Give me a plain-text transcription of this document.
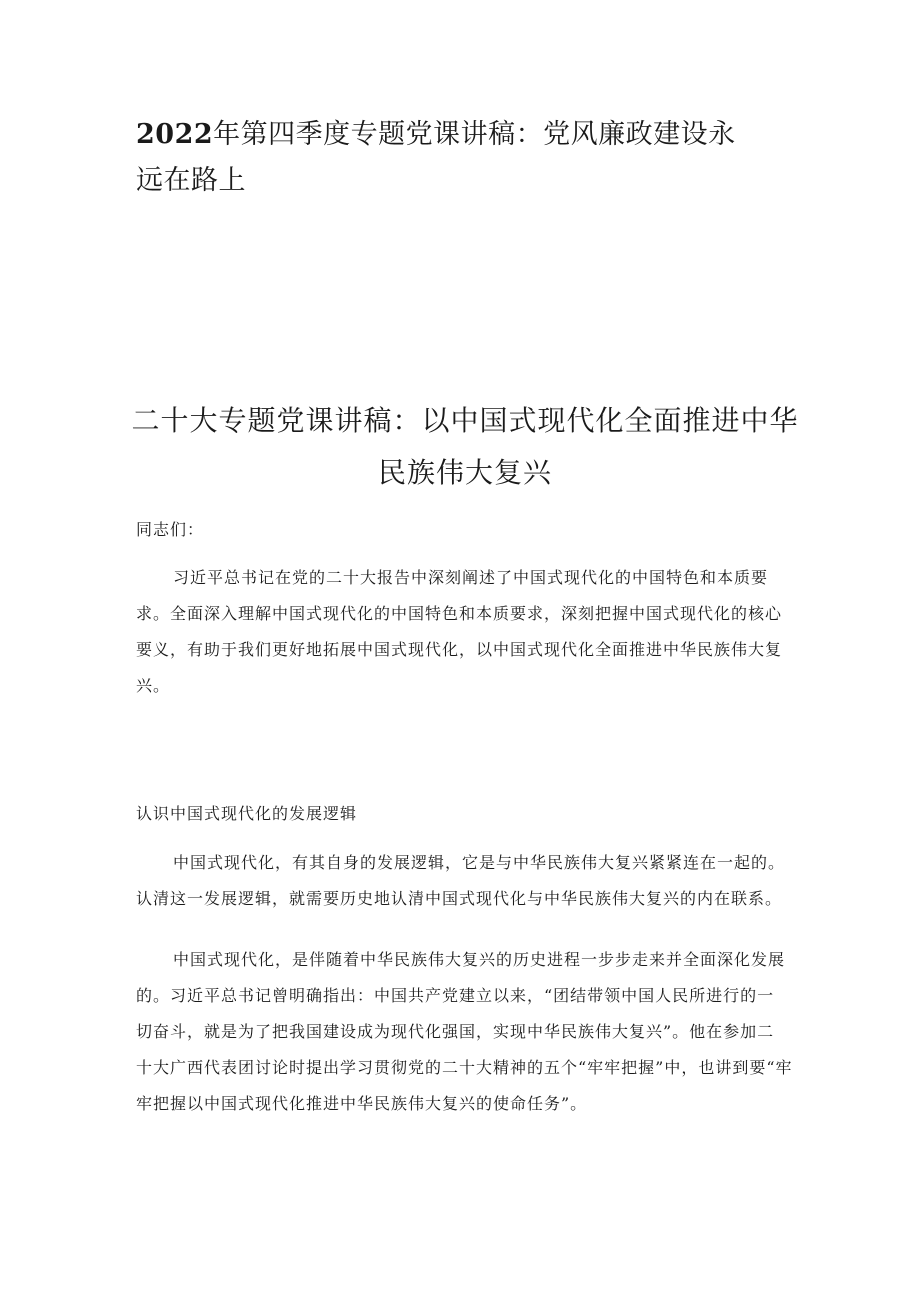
2022年第四季度专题党课讲稿：党风廉政建设永
远在路上
二十大专题党课讲稿：以中国式现代化全面推进中华
民族伟大复兴

同志们：

习近平总书记在党的二十大报告中深刻阐述了中国式现代化的中国特色和本质要
求。全面深入理解中国式现代化的中国特色和本质要求，深刻把握中国式现代化的核心
要义，有助于我们更好地拓展中国式现代化，以中国式现代化全面推进中华民族伟大复
兴。

认识中国式现代化的发展逻辑

中国式现代化，有其自身的发展逻辑，它是与中华民族伟大复兴紧紧连在一起的。
认清这一发展逻辑，就需要历史地认清中国式现代化与中华民族伟大复兴的内在联系。

中国式现代化，是伴随着中华民族伟大复兴的历史进程一步步走来并全面深化发展
的。习近平总书记曾明确指出：中国共产党建立以来，“团结带领中国人民所进行的一
切奋斗，就是为了把我国建设成为现代化强国，实现中华民族伟大复兴”。他在参加二
十大广西代表团讨论时提出学习贯彻党的二十大精神的五个“牢牢把握”中，也讲到要“牢
牢把握以中国式现代化推进中华民族伟大复兴的使命任务”。
